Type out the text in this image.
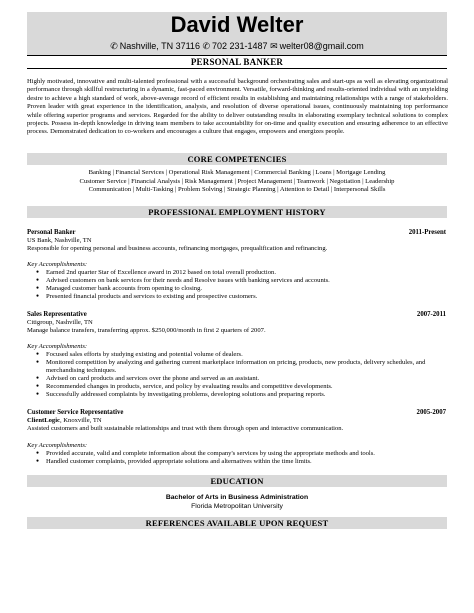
David Welter
✆ Nashville, TN 37116 ✆ 702 231-1487 ✉ welter08@gmail.com
PERSONAL BANKER
Highly motivated, innovative and multi-talented professional with a successful background orchestrating sales and start-ups as well as elevating organizational performance through skillful restructuring in a dynamic, fast-paced environment. Versatile, forward-thinking and results-oriented individual with an unyielding desire to achieve a high standard of work, above-average record of efficient results in establishing and maintaining relationships with a range of stakeholders. Proven leader with great experience in the identification, analysis, and resolution of diverse operational issues, continuously maintaining top performance while offering superior programs and services. Regarded for the ability to deliver outstanding results in elaborating exemplary technical solutions to complex projects. Possess in-depth knowledge in driving team members to take accountability for on-time and quality execution and ensuring adherence to an effective process. Demonstrated dedication to co-workers and encourages a culture that engages, empowers and energizes people.
CORE COMPETENCIES
Banking | Financial Services | Operational Risk Management | Commercial Banking | Loans | Mortgage Lending
Customer Service | Financial Analysis | Risk Management | Project Management | Teamwork | Negotiation | Leadership
Communication | Multi-Tasking | Problem Solving | Strategic Planning | Attention to Detail | Interpersonal Skills
PROFESSIONAL EMPLOYMENT HISTORY
Personal Banker	2011-Present
US Bank, Nashville, TN
Responsible for opening personal and business accounts, refinancing mortgages, prequalification and refinancing.
Key Accomplishments:
● Earned 2nd quarter Star of Excellence award in 2012 based on total overall production.
● Advised customers on bank services for their needs and Resolve issues with banking services and accounts.
● Managed customer bank accounts from opening to closing.
● Presented financial products and services to existing and prospective customers.
Sales Representative	2007-2011
Citigroup, Nashville, TN
Manage balance transfers, transferring approx. $250,000/month in first 2 quarters of 2007.
Key Accomplishments:
● Focused sales efforts by studying existing and potential volume of dealers.
● Monitored competition by analyzing and gathering current marketplace information on pricing, products, new products, delivery schedules, and merchandising techniques.
● Advised on card products and services over the phone and served as an assistant.
● Recommended changes in products, service, and policy by evaluating results and competitive developments.
● Successfully addressed complaints by investigating problems, developing solutions and preparing reports.
Customer Service Representative	2005-2007
ClientLogic, Knoxville, TN
Assisted customers and built sustainable relationships and trust with them through open and interactive communication.
Key Accomplishments:
● Provided accurate, valid and complete information about the company's services by using the appropriate methods and tools.
● Handled customer complaints, provided appropriate solutions and alternatives within the time limits.
EDUCATION
Bachelor of Arts in Business Administration
Florida Metropolitan University
REFERENCES AVAILABLE UPON REQUEST
